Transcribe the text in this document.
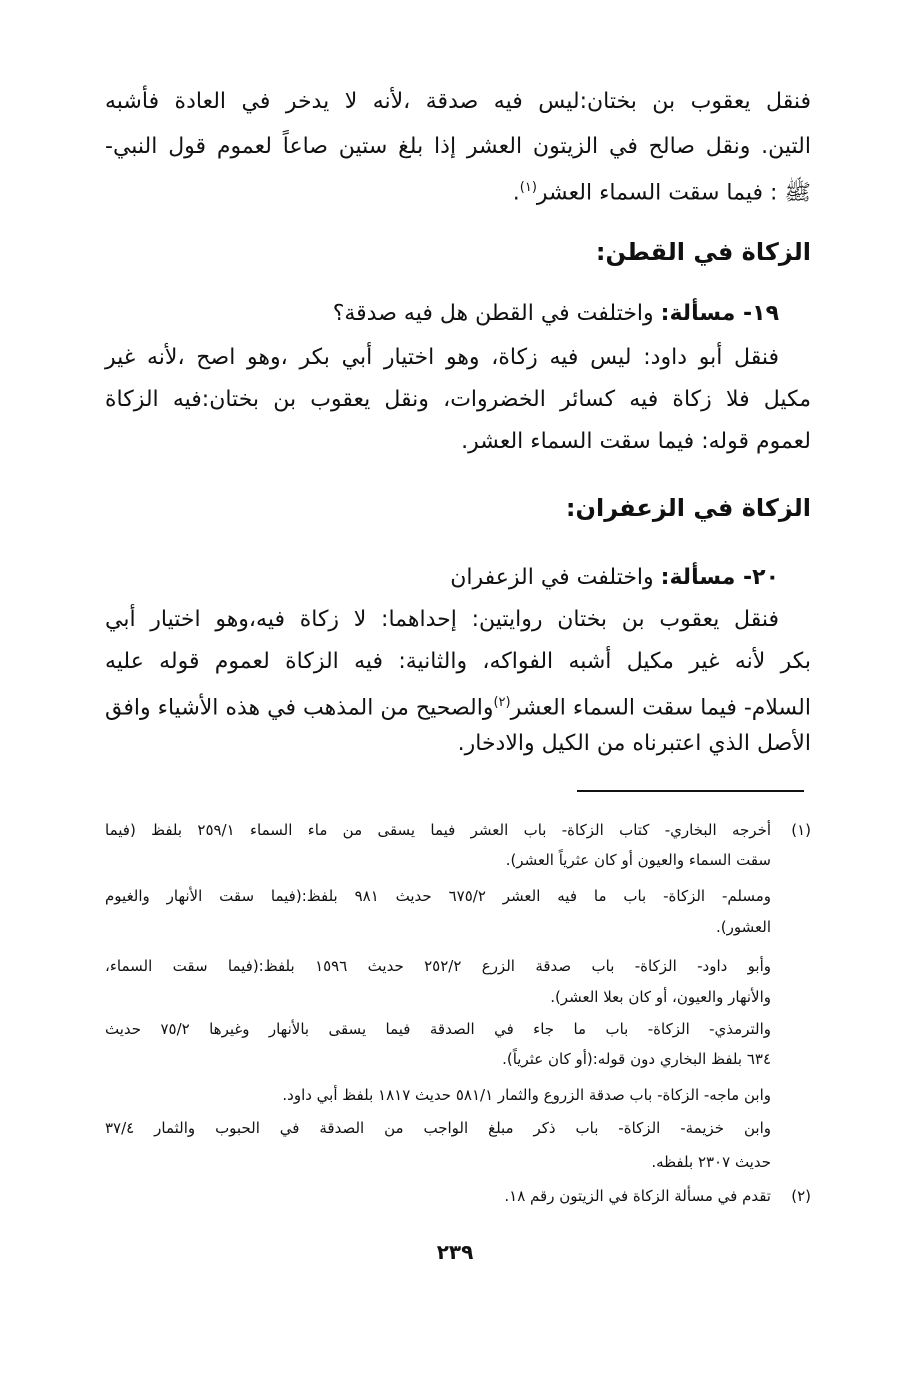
فنقل يعقوب بن بختان:ليس فيه صدقة ،لأنه لا يدخر في العادة فأشبه
التين. ونقل صالح في الزيتون العشر إذا بلغ ستين صاعاً لعموم قول النبي-
ﷺ : فيما سقت السماء العشر$^{(١)}$.
الزكاة في القطن:
١٩- مسألة: واختلفت في القطن هل فيه صدقة؟
فنقل أبو داود: ليس فيه زكاة، وهو اختيار أبي بكر ،وهو اصح ،لأنه غير
مكيل فلا زكاة فيه كسائر الخضروات، ونقل يعقوب بن بختان:فيه الزكاة
لعموم قوله: فيما سقت السماء العشر.
الزكاة في الزعفران:
٢٠- مسألة: واختلفت في الزعفران
فنقل يعقوب بن بختان روايتين: إحداهما: لا زكاة فيه،وهو اختيار أبي
بكر لأنه غير مكيل أشبه الفواكه، والثانية: فيه الزكاة لعموم قوله عليه
السلام- فيما سقت السماء العشر$^{(٢)}$والصحيح من المذهب في هذه الأشياء وافق
الأصل الذي اعتبرناه من الكيل والادخار.
(١)
أخرجه البخاري- كتاب الزكاة- باب العشر فيما يسقى من ماء السماء ٢٥٩/١ بلفظ (فيما
سقت السماء والعيون أو كان عثرياً العشر).
ومسلم- الزكاة- باب ما فيه العشر ٦٧٥/٢ حديث ٩٨١ بلفظ:(فيما سقت الأنهار والغيوم
العشور).
وأبو داود- الزكاة- باب صدقة الزرع ٢٥٢/٢ حديث ١٥٩٦ بلفظ:(فيما سقت السماء،
والأنهار والعيون، أو كان بعلا العشر).
والترمذي- الزكاة- باب ما جاء في الصدقة فيما يسقى بالأنهار وغيرها ٧٥/٢ حديث
٦٣٤ بلفظ البخاري دون قوله:(أو كان عثرياً).
وابن ماجه- الزكاة- باب صدقة الزروع والثمار ٥٨١/١ حديث ١٨١٧ بلفظ أبي داود.
وابن خزيمة- الزكاة- باب ذكر مبلغ الواجب من الصدقة في الحبوب والثمار ٣٧/٤
حديث ٢٣٠٧ بلفظه.
(٢)
تقدم في مسألة الزكاة في الزيتون رقم ١٨.
٢٣٩
